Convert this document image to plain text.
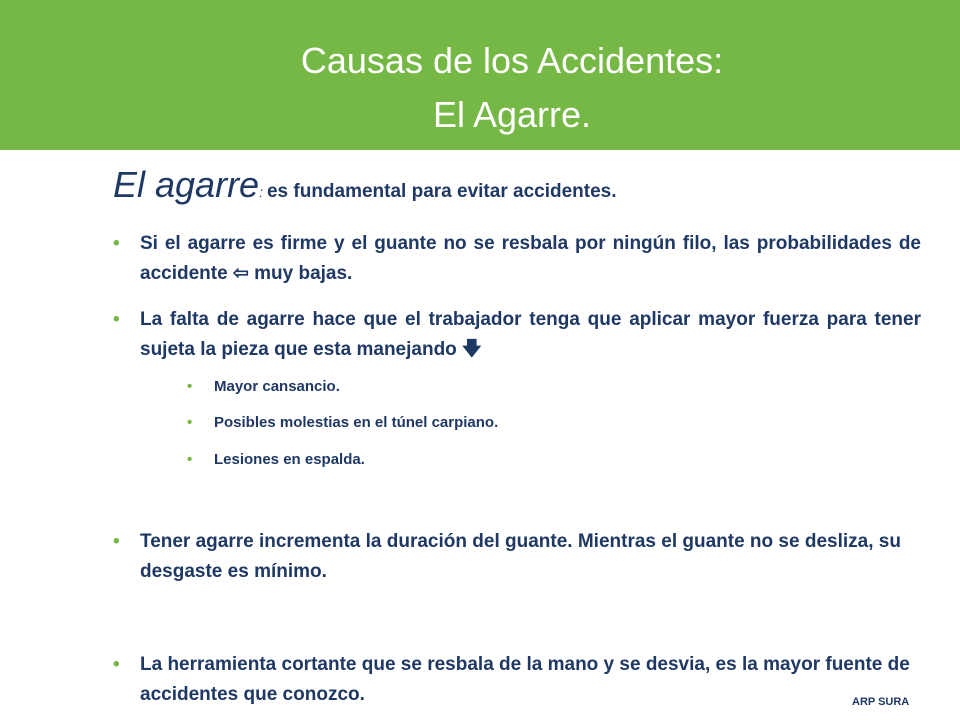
Causas de los Accidentes:
El Agarre.
El agarre: es fundamental para evitar accidentes.
• Si el agarre es firme y el guante no se resbala por ningún filo, las probabilidades de accidente ⇦ muy bajas.
• La falta de agarre hace que el trabajador tenga que aplicar mayor fuerza para tener sujeta la pieza que esta manejando 🡇
• Mayor cansancio.
• Posibles molestias en el túnel carpiano.
• Lesiones en espalda.
• Tener agarre incrementa la duración del guante. Mientras el guante no se desliza, su desgaste es mínimo.
• La herramienta cortante que se resbala de la mano y se desvia, es la mayor fuente de accidentes que conozco.	ARP SURA
